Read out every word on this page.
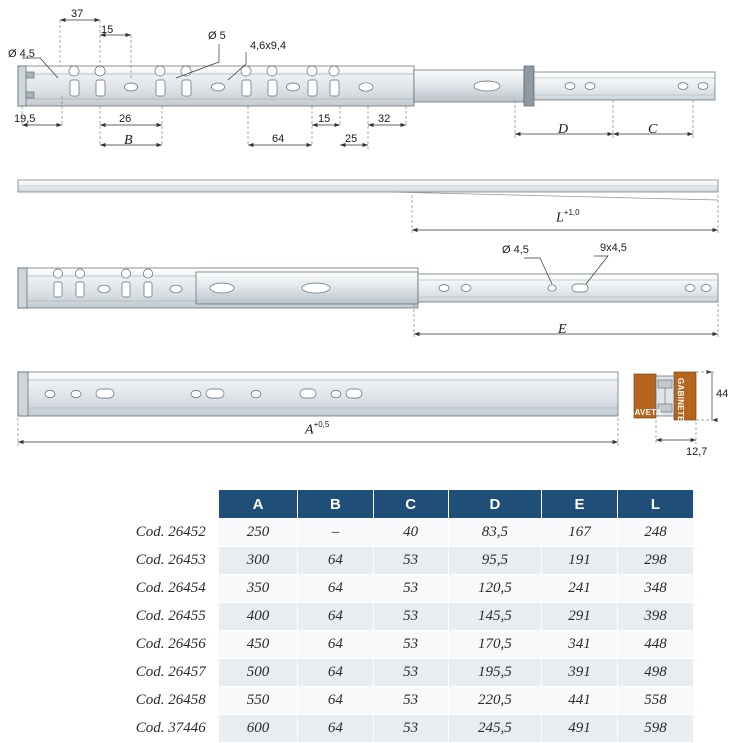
Ø 4,5
37
15	Ø 5
4,6x9,4
19,5	26
B	64
15
25
32
D	C
$L^{+1,0}$
Ø 4,5	9x4,5
E
$A^{+0,5}$
GAVETA GABINETE	44
12,7
	A	B	C	D	E	L
Cod. 26452	250	–	40	83,5	167	248
Cod. 26453	300	64	53	95,5	191	298
Cod. 26454	350	64	53	120,5	241	348
Cod. 26455	400	64	53	145,5	291	398
Cod. 26456	450	64	53	170,5	341	448
Cod. 26457	500	64	53	195,5	391	498
Cod. 26458	550	64	53	220,5	441	558
Cod. 37446	600	64	53	245,5	491	598
